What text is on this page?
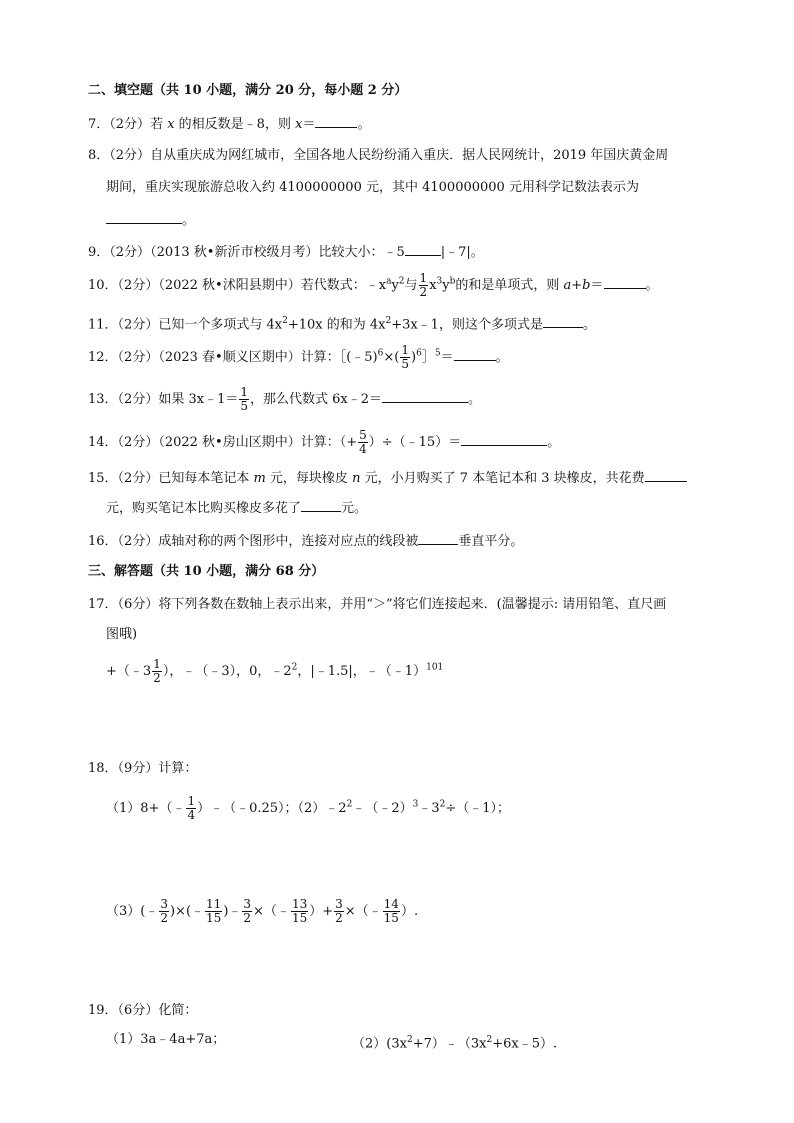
二、填空题（共 10 小题，满分 20 分，每小题 2 分）
7．（2分）若 x 的相反数是﹣8，则 x＝	。
8．（2分）自从重庆成为网红城市，全国各地人民纷纷涌入重庆．据人民网统计，2019 年国庆黄金周
期间，重庆实现旅游总收入约 4100000000 元，其中 4100000000 元用科学记数法表示为
。
9．（2分）（2013 秋•新沂市校级月考）比较大小：﹣5	|﹣7|。
10．（2分）（2022 秋•沭阳县期中）若代数式：$﹣x^ay^2$与 $\frac{1}{2} x^3y^b$的和是单项式，则 a+b＝	。
11．（2分）已知一个多项式与 $4x^2+10x$ 的和为 $4x^2+3x﹣1$，则这个多项式是	。
12．（2分）（2023 春•顺义区期中）计算：［(﹣5)$^6$×( $\frac{1}{5}$ )$^6$］$^5$＝	。
13．（2分）如果 3x﹣1＝ $\frac{1}{5}$ ，那么代数式 6x﹣2＝	。
14．（2分）（2022 秋•房山区期中）计算：（+ $\frac{5}{4}$ ）÷（﹣15）＝	。
15．（2分）已知每本笔记本 m 元，每块橡皮 n 元，小月购买了 7 本笔记本和 3 块橡皮，共花费
元，购买笔记本比购买橡皮多花了	元。
16．（2分）成轴对称的两个图形中，连接对应点的线段被	垂直平分。
三、解答题（共 10 小题，满分 68 分）
17．（6分）将下列各数在数轴上表示出来，并用“＞”将它们连接起来．(温馨提示: 请用铅笔、直尺画
图哦)
+（﹣3 $\frac{1}{2}$ ），﹣（﹣3），0，$﹣2^2$，|﹣1.5|，﹣（﹣1）$^{101}$
18．（9分）计算：
（1）8+（﹣ $\frac{1}{4}$ ）﹣（﹣0.25）；$(2)﹣2^2﹣(﹣2)^3﹣3^2\div(﹣1)$；
（3）(﹣ $\frac{3}{2}$ )×(﹣ $\frac{11}{15}$ )﹣ $\frac{3}{2}$ ×（﹣ $\frac{13}{15}$ ）+ $\frac{3}{2}$ ×（﹣ $\frac{14}{15}$ ）.
19．（6分）化简：
（1）3a﹣4a+7a；	$(2)(3x^2+7)﹣(3x^2+6x﹣5)$.
